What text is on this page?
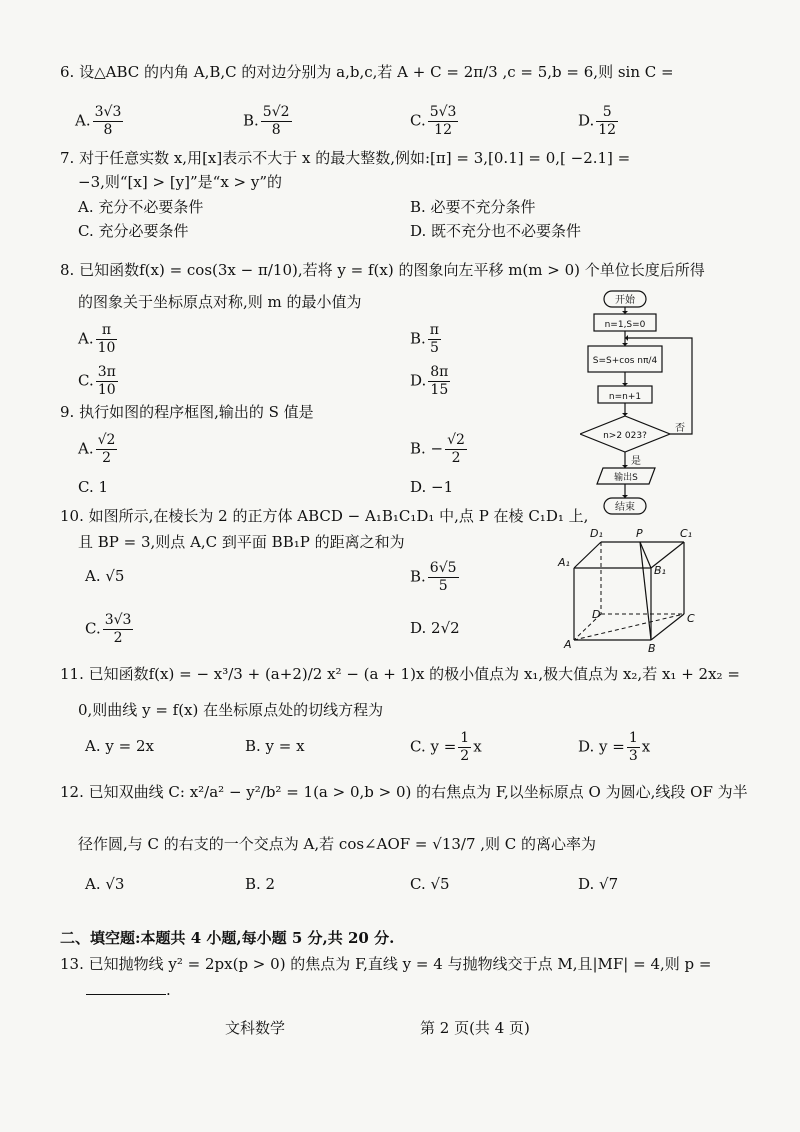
6. 设△ABC 的内角 A,B,C 的对边分别为 a,b,c,若 A + C = 2π/3 ,c = 5,b = 6,则 sin C =
A. $\frac{3√3}{8}$	B. $\frac{5√2}{8}$	C. $\frac{5√3}{12}$	D. $\frac{5}{12}$
7. 对于任意实数 x,用[x]表示不大于 x 的最大整数,例如:[π] = 3,[0.1] = 0,[ −2.1] =
−3,则“[x] > [y]”是“x > y”的
A. 充分不必要条件	B. 必要不充分条件
C. 充分必要条件	D. 既不充分也不必要条件
8. 已知函数f(x) = cos(3x − π/10),若将 y = f(x) 的图象向左平移 m(m > 0) 个单位长度后所得
的图象关于坐标原点对称,则 m 的最小值为
A. $\frac{\pi}{10}$	B. $\frac{\pi}{5}$
C. $\frac{3\pi}{10}$	D. $\frac{8\pi}{15}$
9. 执行如图的程序框图,输出的 S 值是
A. $\frac{√2}{2}$	B. − $\frac{√2}{2}$
C. 1	D. −1
开始
n=1,S=0
S=S+cos nπ/4
n=n+1
n>2 023?
否
是
输出S
结束
10. 如图所示,在棱长为 2 的正方体 ABCD − A₁B₁C₁D₁ 中,点 P 在棱 C₁D₁ 上,
且 BP = 3,则点 A,C 到平面 BB₁P 的距离之和为
A. √5	B. $\frac{6√5}{5}$
C. $\frac{3√3}{2}$	D. 2√2
D₁	P	C₁
A₁
B₁
D	C
A	B
11. 已知函数f(x) = − x³/3 + (a+2)/2 x² − (a + 1)x 的极小值点为 x₁,极大值点为 x₂,若 x₁ + 2x₂ =
0,则曲线 y = f(x) 在坐标原点处的切线方程为
A. y = 2x	B. y = x	C. $y = \frac{1}{2}$ x	D. $y = \frac{1}{3}$ x
12. 已知双曲线 C: x²/a² − y²/b² = 1(a > 0,b > 0) 的右焦点为 F,以坐标原点 O 为圆心,线段 OF 为半
径作圆,与 C 的右支的一个交点为 A,若 cos∠AOF = √13/7 ,则 C 的离心率为
A. √3	B. 2	C. √5	D. √7
二、填空题:本题共 4 小题,每小题 5 分,共 20 分.
13. 已知抛物线 y² = 2px(p > 0) 的焦点为 F,直线 y = 4 与抛物线交于点 M,且|MF| = 4,则 p =
.
文科数学	第 2 页(共 4 页)
